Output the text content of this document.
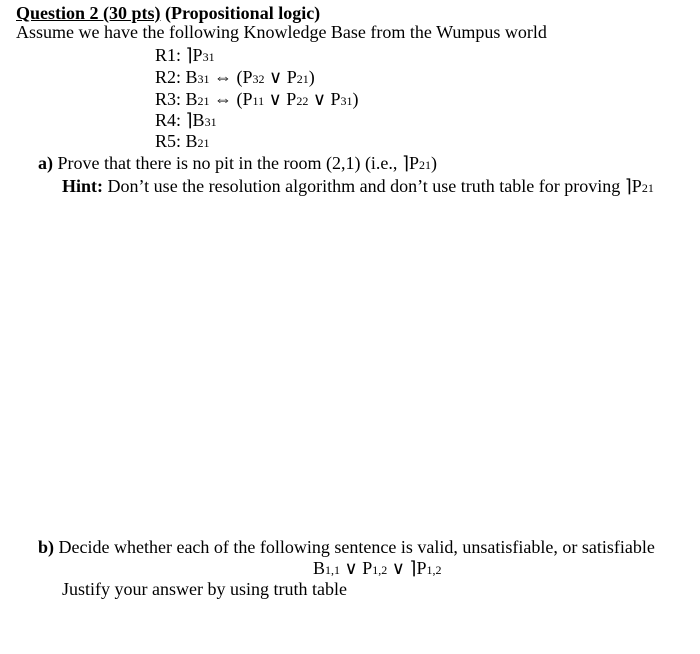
Question 2 (30 pts) (Propositional logic)
Assume we have the following Knowledge Base from the Wumpus world
R1: ⌉P31
R2: B31 ⇔ (P32 ∨ P21)
R3: B21 ⇔ (P11 ∨ P22 ∨ P31)
R4: ⌉B31
R5: B21
a) Prove that there is no pit in the room (2,1) (i.e., ⌉P21)
Hint: Don’t use the resolution algorithm and don’t use truth table for proving ⌉P21
b) Decide whether each of the following sentence is valid, unsatisfiable, or satisfiable
B1,1 ∨ P1,2 ∨ ⌉P1,2
Justify your answer by using truth table
